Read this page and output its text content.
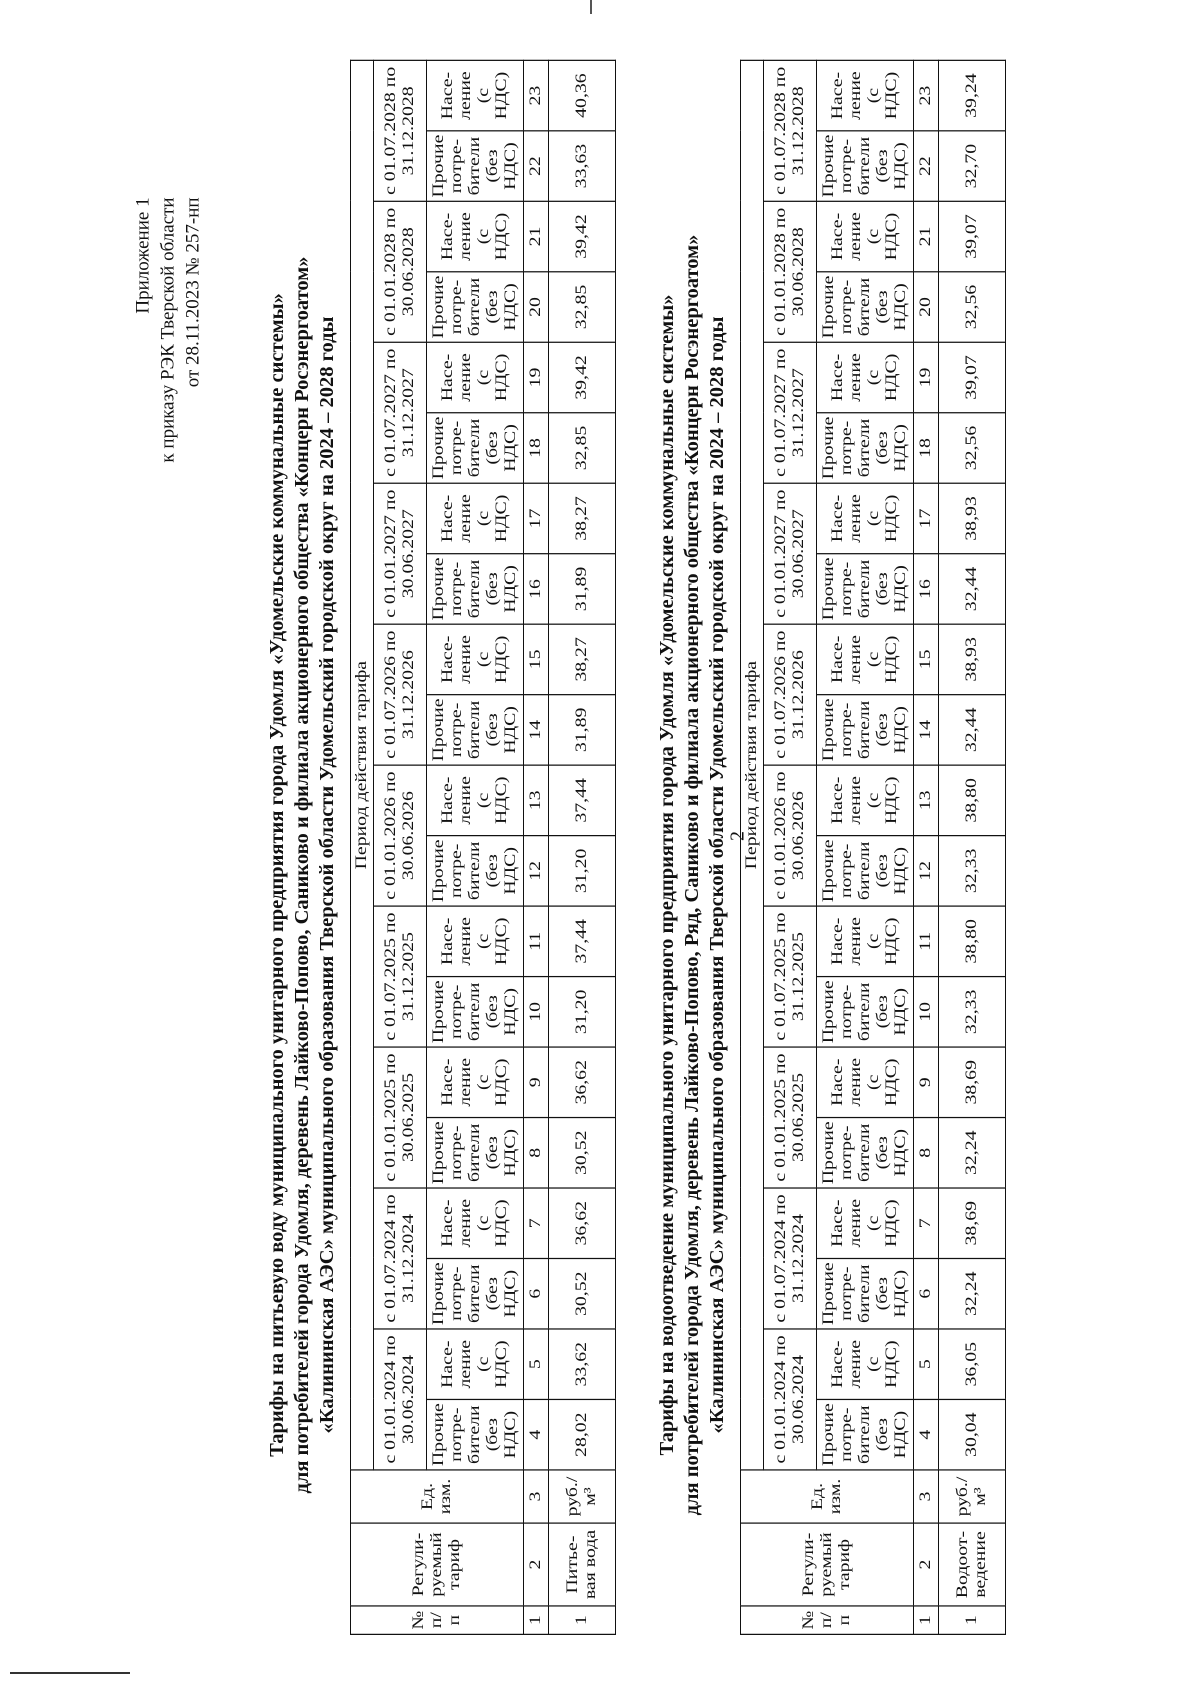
2
Приложение 1 к приказу РЭК Тверской области от 28.11.2023 № 257-нп
Тарифы на питьевую воду муниципального унитарного предприятия города Удомля «Удомельские коммунальные системы» для потребителей города Удомля, деревень Лайково-Попово, Саниково и филиала акционерного общества «Концерн Росэнергоатом» «Калининская АЭС» муниципального образования Тверской области Удомельский городской округ на 2024 – 2028 годы
№ п/ п	Регули-руемый тариф	Ед. изм.	Период действия тарифа																			
			с 01.01.2024 по 30.06.2024		с 01.07.2024 по 31.12.2024		с 01.01.2025 по 30.06.2025		с 01.07.2025 по 31.12.2025		с 01.01.2026 по 30.06.2026		с 01.07.2026 по 31.12.2026		с 01.01.2027 по 30.06.2027		с 01.07.2027 по 31.12.2027		с 01.01.2028 по 30.06.2028		с 01.07.2028 по 31.12.2028	
			Прочие потре-бители (без НДС)	Насе-ление (с НДС)	Прочие потре-бители (без НДС)	Насе-ление (с НДС)	Прочие потре-бители (без НДС)	Насе-ление (с НДС)	Прочие потре-бители (без НДС)	Насе-ление (с НДС)	Прочие потре-бители (без НДС)	Насе-ление (с НДС)	Прочие потре-бители (без НДС)	Насе-ление (с НДС)	Прочие потре-бители (без НДС)	Насе-ление (с НДС)	Прочие потре-бители (без НДС)	Насе-ление (с НДС)	Прочие потре-бители (без НДС)	Насе-ление (с НДС)	Прочие потре-бители (без НДС)	Насе-ление (с НДС)
1	2	3	4	5	6	7	8	9	10	11	12	13	14	15	16	17	18	19	20	21	22	23
1	Питье-вая вода	руб./м³	28,02	33,62	30,52	36,62	30,52	36,62	31,20	37,44	31,20	37,44	31,89	38,27	31,89	38,27	32,85	39,42	32,85	39,42	33,63	40,36
Тарифы на водоотведение муниципального унитарного предприятия города Удомля «Удомельские коммунальные системы» для потребителей города Удомля, деревень Лайково-Попово, Ряд, Саниково и филиала акционерного общества «Концерн Росэнергоатом» «Калининская АЭС» муниципального образования Тверской области Удомельский городской округ на 2024 – 2028 годы
№ п/ п	Регули-руемый тариф	Ед. изм.	Период действия тарифа																			
			с 01.01.2024 по 30.06.2024		с 01.07.2024 по 31.12.2024		с 01.01.2025 по 30.06.2025		с 01.07.2025 по 31.12.2025		с 01.01.2026 по 30.06.2026		с 01.07.2026 по 31.12.2026		с 01.01.2027 по 30.06.2027		с 01.07.2027 по 31.12.2027		с 01.01.2028 по 30.06.2028		с 01.07.2028 по 31.12.2028	
			Прочие потре-бители (без НДС)	Насе-ление (с НДС)	Прочие потре-бители (без НДС)	Насе-ление (с НДС)	Прочие потре-бители (без НДС)	Насе-ление (с НДС)	Прочие потре-бители (без НДС)	Насе-ление (с НДС)	Прочие потре-бители (без НДС)	Насе-ление (с НДС)	Прочие потре-бители (без НДС)	Насе-ление (с НДС)	Прочие потре-бители (без НДС)	Насе-ление (с НДС)	Прочие потре-бители (без НДС)	Насе-ление (с НДС)	Прочие потре-бители (без НДС)	Насе-ление (с НДС)	Прочие потре-бители (без НДС)	Насе-ление (с НДС)
1	2	3	4	5	6	7	8	9	10	11	12	13	14	15	16	17	18	19	20	21	22	23
1	Водоот-ведение	руб./м³	30,04	36,05	32,24	38,69	32,24	38,69	32,33	38,80	32,33	38,80	32,44	38,93	32,44	38,93	32,56	39,07	32,56	39,07	32,70	39,24
